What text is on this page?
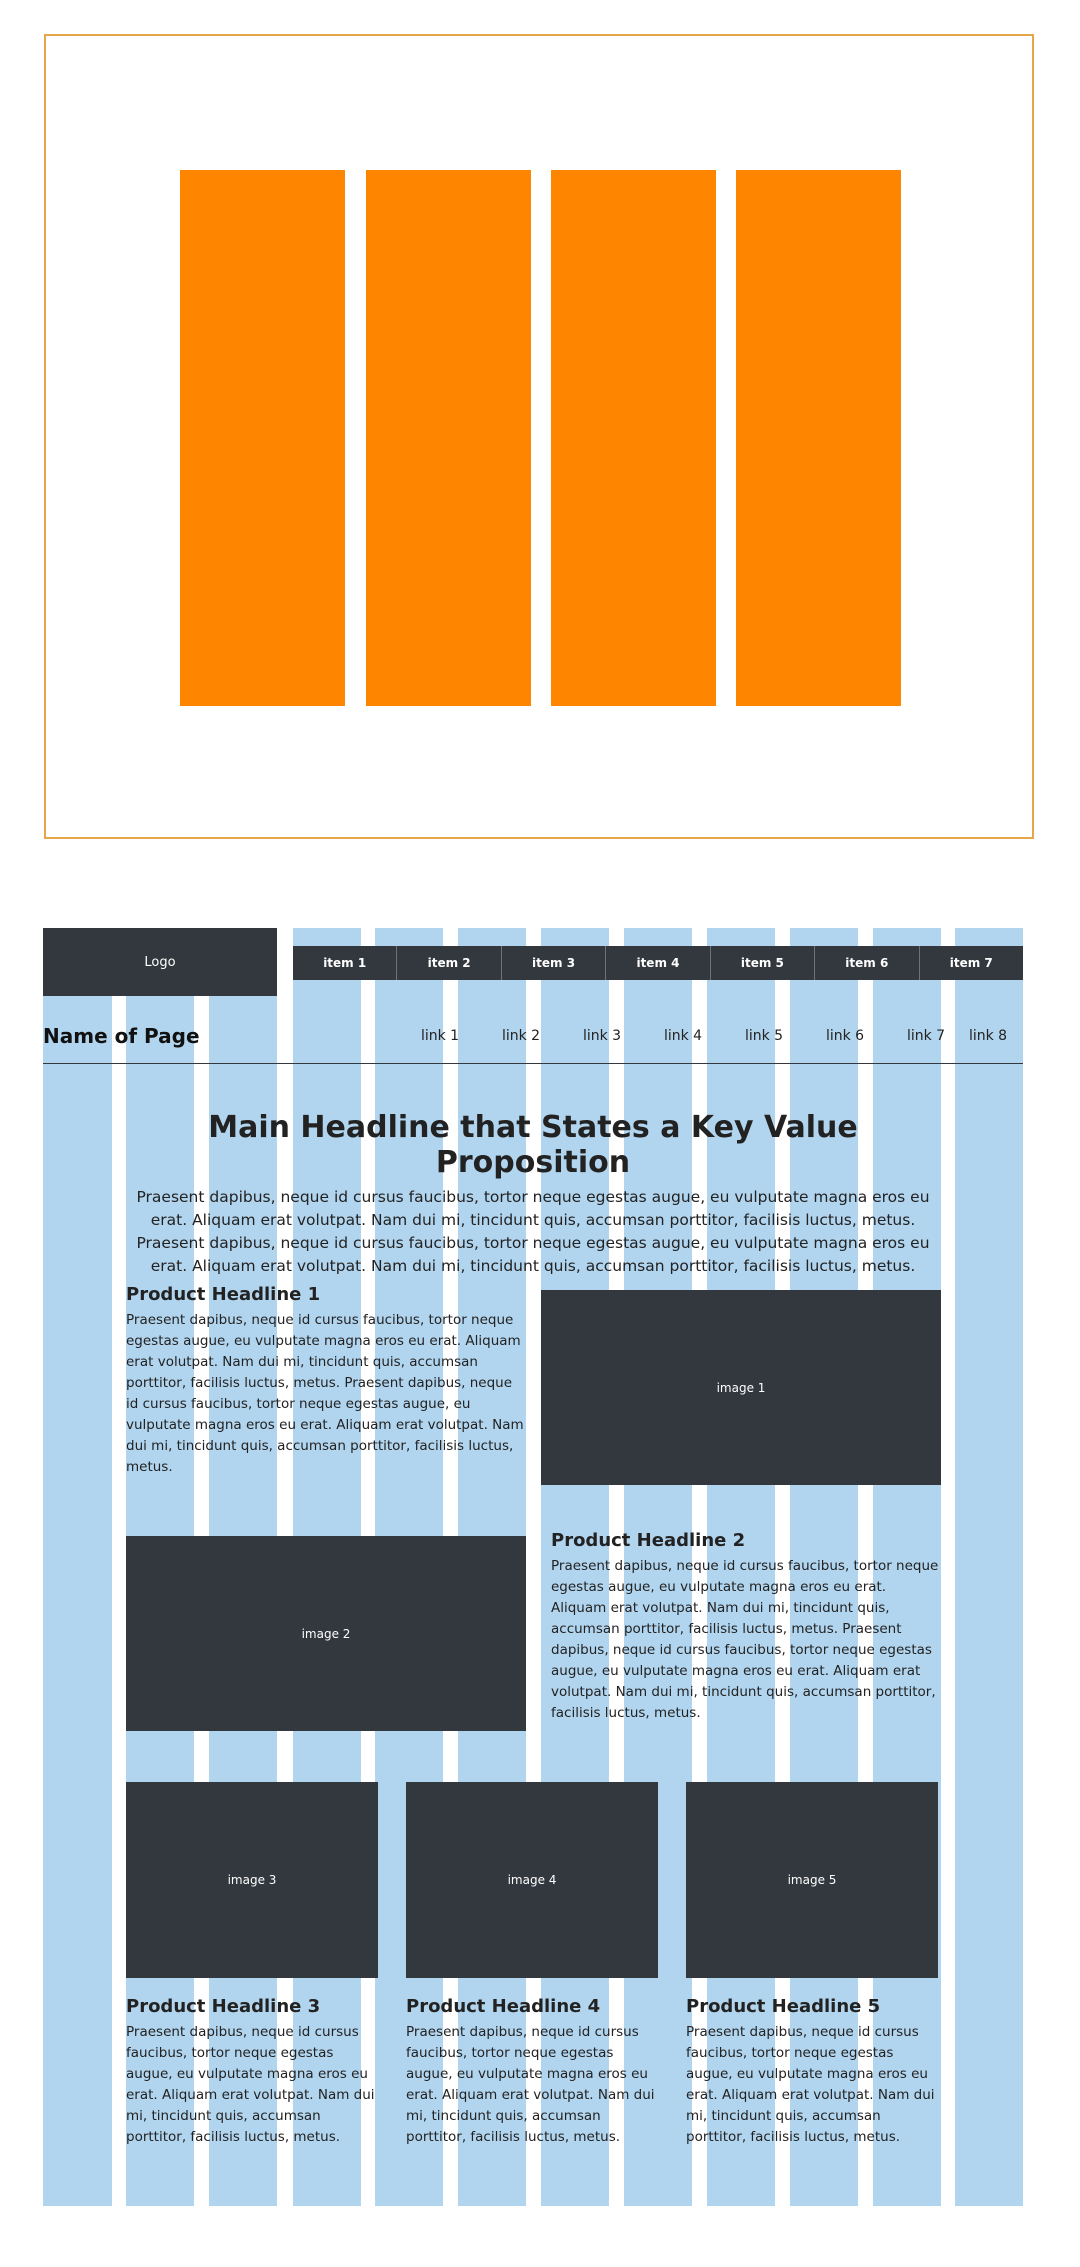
Logo	item 1	item 2	item 3	item 4	item 5	item 6	item 7
Name of Page	link 1	link 2	link 3	link 4	link 5	link 6	link 7	link 8
Main Headline that States a Key Value Proposition

Praesent dapibus, neque id cursus faucibus, tortor neque egestas augue, eu vulputate magna eros eu erat. Aliquam erat volutpat. Nam dui mi, tincidunt quis, accumsan porttitor, facilisis luctus, metus. Praesent dapibus, neque id cursus faucibus, tortor neque egestas augue, eu vulputate magna eros eu erat. Aliquam erat volutpat. Nam dui mi, tincidunt quis, accumsan porttitor, facilisis luctus, metus.

Product Headline 1

Praesent dapibus, neque id cursus faucibus, tortor neque egestas augue, eu vulputate magna eros eu erat. Aliquam erat volutpat. Nam dui mi, tincidunt quis, accumsan porttitor, facilisis luctus, metus. Praesent dapibus, neque id cursus faucibus, tortor neque egestas augue, eu vulputate magna eros eu erat. Aliquam erat volutpat. Nam dui mi, tincidunt quis, accumsan porttitor, facilisis luctus, metus.

image 1
image 2
Product Headline 2

Praesent dapibus, neque id cursus faucibus, tortor neque egestas augue, eu vulputate magna eros eu erat. Aliquam erat volutpat. Nam dui mi, tincidunt quis, accumsan porttitor, facilisis luctus, metus. Praesent dapibus, neque id cursus faucibus, tortor neque egestas augue, eu vulputate magna eros eu erat. Aliquam erat volutpat. Nam dui mi, tincidunt quis, accumsan porttitor, facilisis luctus, metus.

image 3	image 4	image 5
Product Headline 3

Praesent dapibus, neque id cursus faucibus, tortor neque egestas augue, eu vulputate magna eros eu erat. Aliquam erat volutpat. Nam dui mi, tincidunt quis, accumsan porttitor, facilisis luctus, metus.

Product Headline 4

Praesent dapibus, neque id cursus faucibus, tortor neque egestas augue, eu vulputate magna eros eu erat. Aliquam erat volutpat. Nam dui mi, tincidunt quis, accumsan porttitor, facilisis luctus, metus.

Product Headline 5

Praesent dapibus, neque id cursus faucibus, tortor neque egestas augue, eu vulputate magna eros eu erat. Aliquam erat volutpat. Nam dui mi, tincidunt quis, accumsan porttitor, facilisis luctus, metus.
